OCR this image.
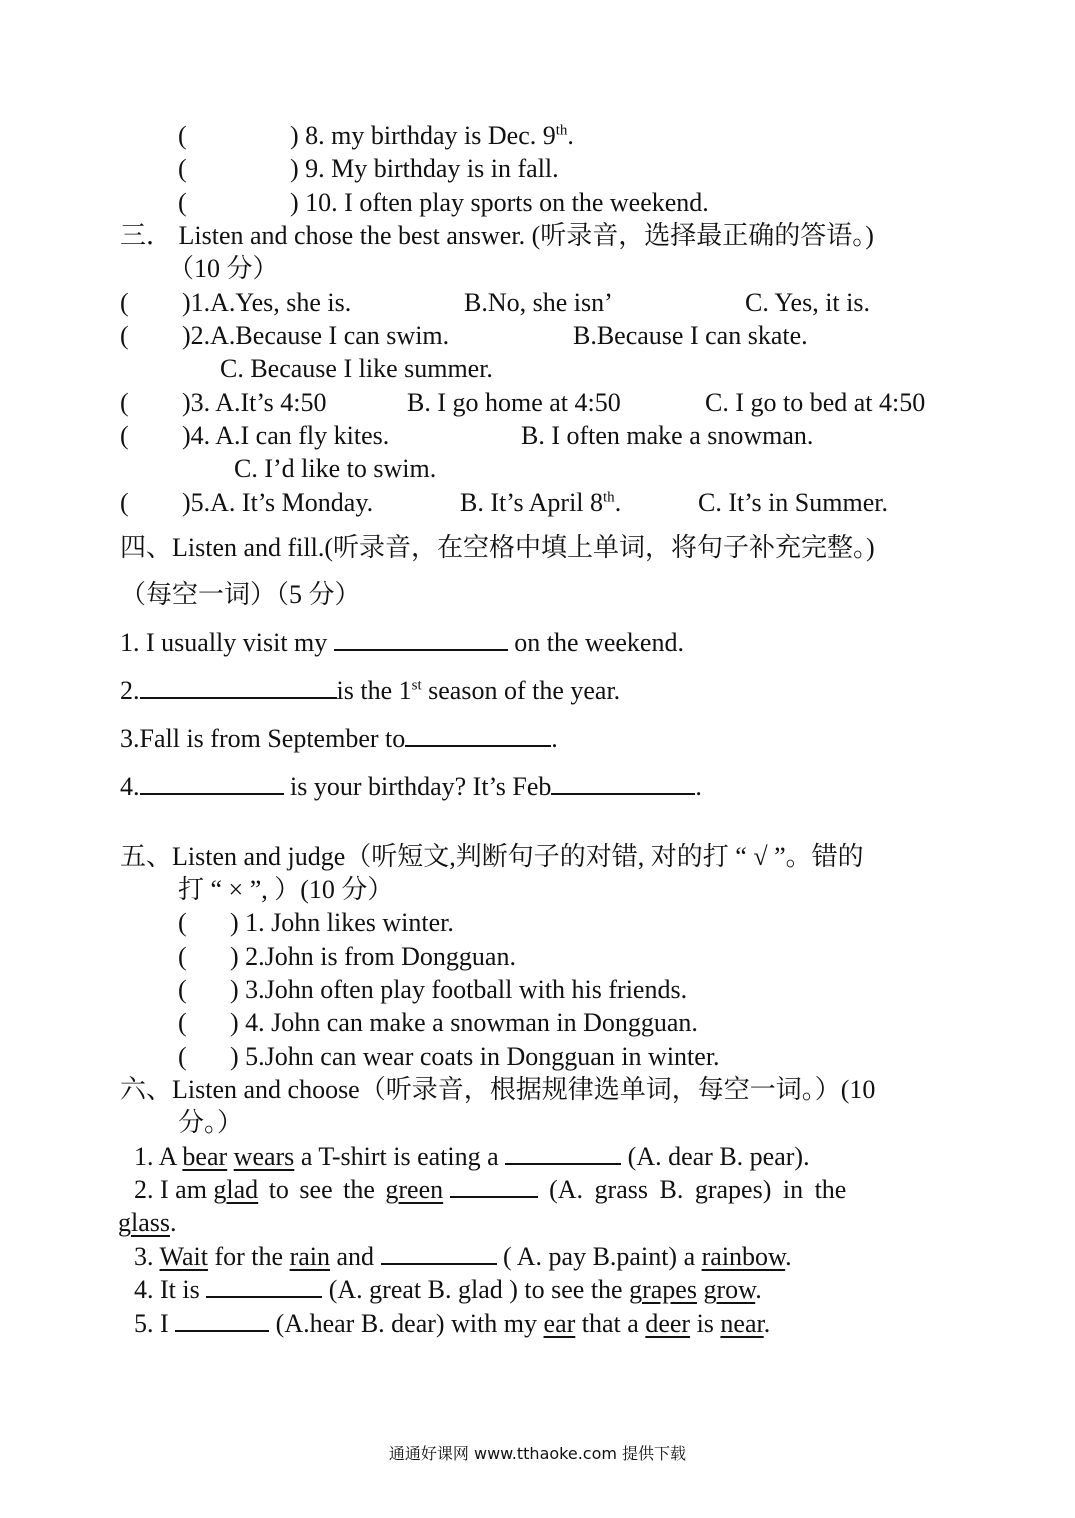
(	) 8. my birthday is Dec. 9th.
(	) 9. My birthday is in fall.
(	) 10. I often play sports on the weekend.
三． Listen and chose the best answer. (听录音，选择最正确的答语。)
（10 分）
( )1.A.Yes, she is.	B.No, she isn’	C. Yes, it is.
( )2.A.Because I can swim.	B.Because I can skate.
C. Because I like summer.
( )3. A.It’s 4:50	B. I go home at 4:50	C. I go to bed at 4:50
( )4. A.I can fly kites.	B. I often make a snowman.
C. I’d like to swim.
( )5.A. It’s Monday.	B. It’s April 8th.	C. It’s in Summer.
四、Listen and fill.(听录音，在空格中填上单词，将句子补充完整。)
（每空一词）（5 分）
1. I usually visit my	on the weekend.
2.	is the 1st season of the year.
3.Fall is from September to	.
4.	is your birthday? It’s Feb	.
五、Listen and judge（听短文,判断句子的对错, 对的打 “ √ ”。错的
打 “ × ”, ）(10 分）
( ) 1. John likes winter.
( ) 2.John is from Dongguan.
( ) 3.John often play football with his friends.
( ) 4. John can make a snowman in Dongguan.
( ) 5.John can wear coats in Dongguan in winter.
六、Listen and choose（听录音，根据规律选单词，每空一词。）(10
分。）
1. A bear wears a T-shirt is eating a	(A. dear B. pear).
2. I am glad to see the green	(A. grass B. grapes) in the
glass.
3. Wait for the rain and	( A. pay B.paint) a rainbow.
4. It is	(A. great B. glad ) to see the grapes grow.
5. I	(A.hear B. dear) with my ear that a deer is near.
通通好课网 www.tthaoke.com 提供下载
